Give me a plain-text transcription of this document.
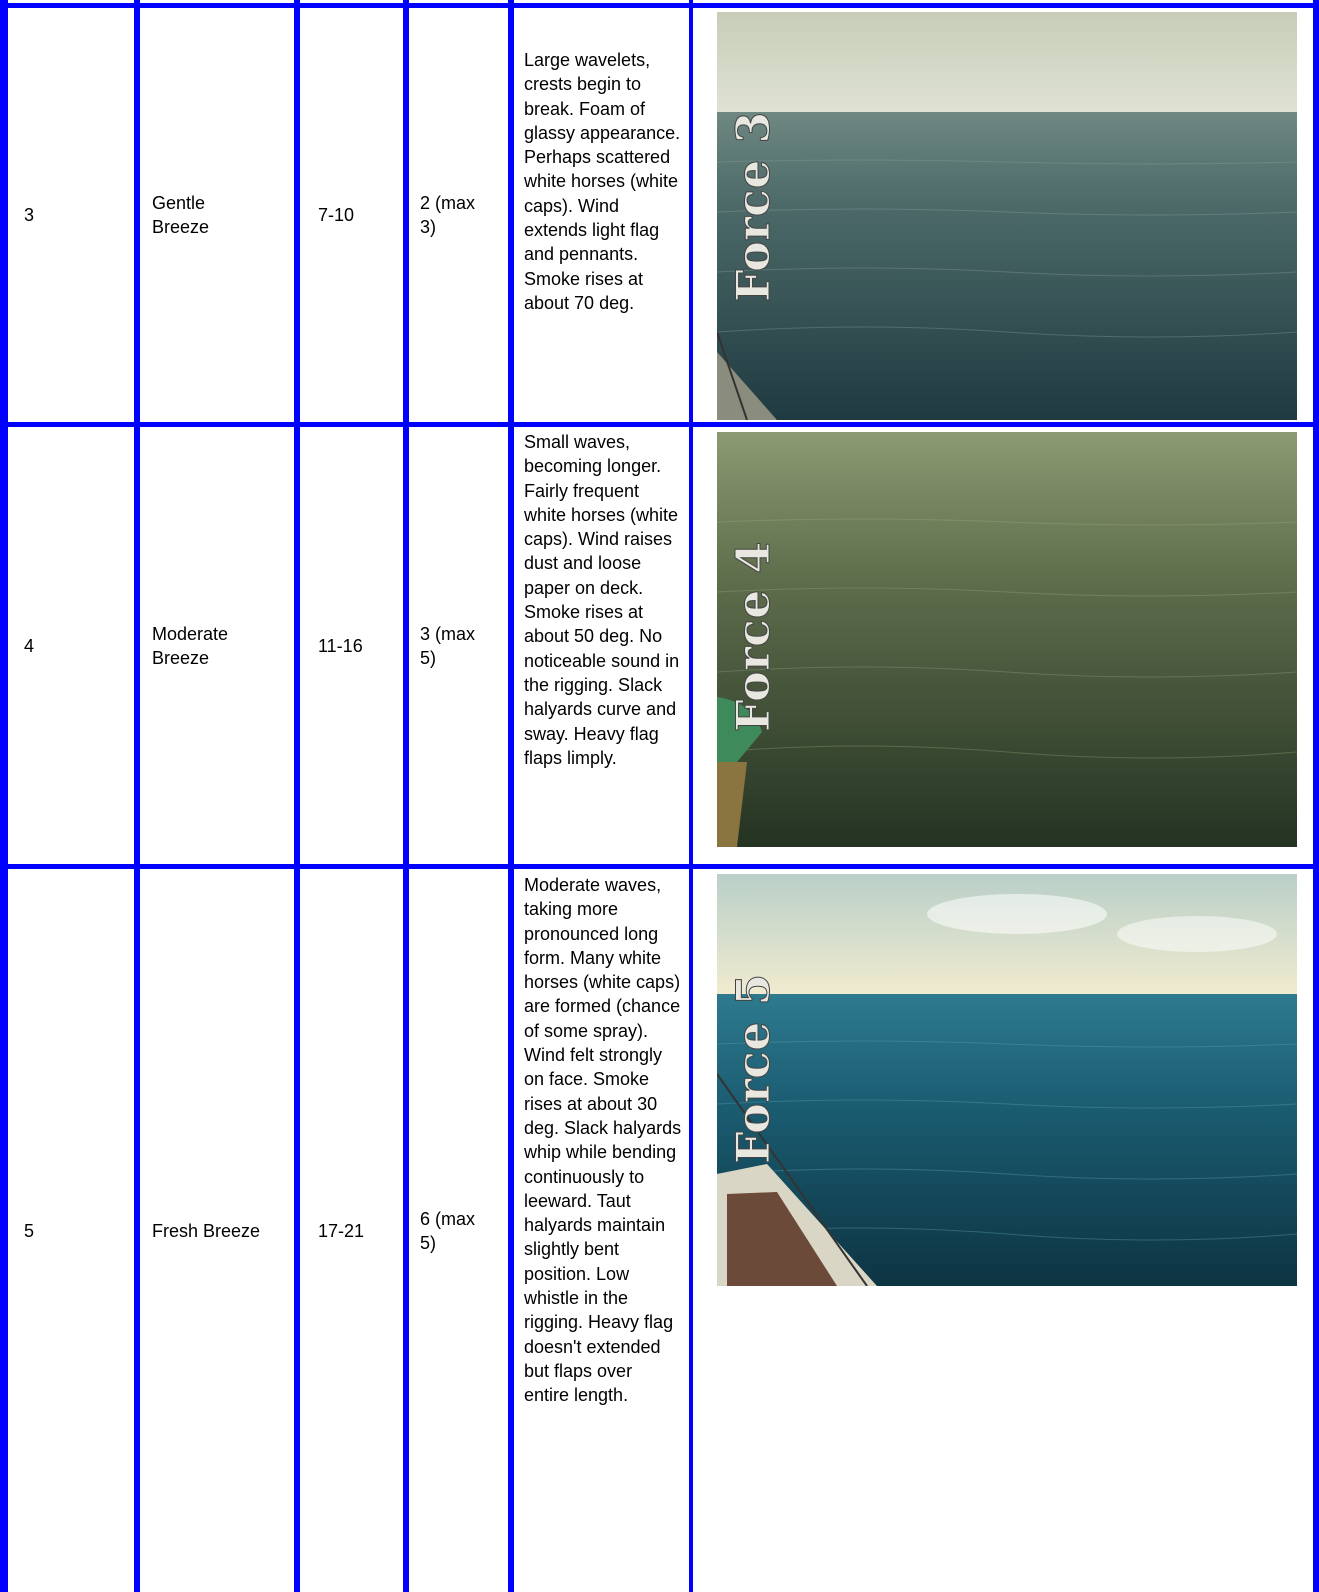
3
Gentle Breeze
7-10
2 (max 3)
Large wavelets, crests begin to break. Foam of glassy appearance. Perhaps scattered white horses (white caps). Wind extends light flag and pennants. Smoke rises at about 70 deg.
Force 3
4
Moderate Breeze
11-16
3 (max 5)
Small waves, becoming longer. Fairly frequent white horses (white caps). Wind raises dust and loose paper on deck. Smoke rises at about 50 deg. No noticeable sound in the rigging. Slack halyards curve and sway. Heavy flag flaps limply.
Force 4
5	Fresh Breeze	17-21
6 (max 5)
Moderate waves, taking more pronounced long form. Many white horses (white caps) are formed (chance of some spray). Wind felt strongly on face. Smoke rises at about 30 deg. Slack halyards whip while bending continuously to leeward. Taut halyards maintain slightly bent position. Low whistle in the rigging. Heavy flag doesn't extended but flaps over entire length.
Force 5
